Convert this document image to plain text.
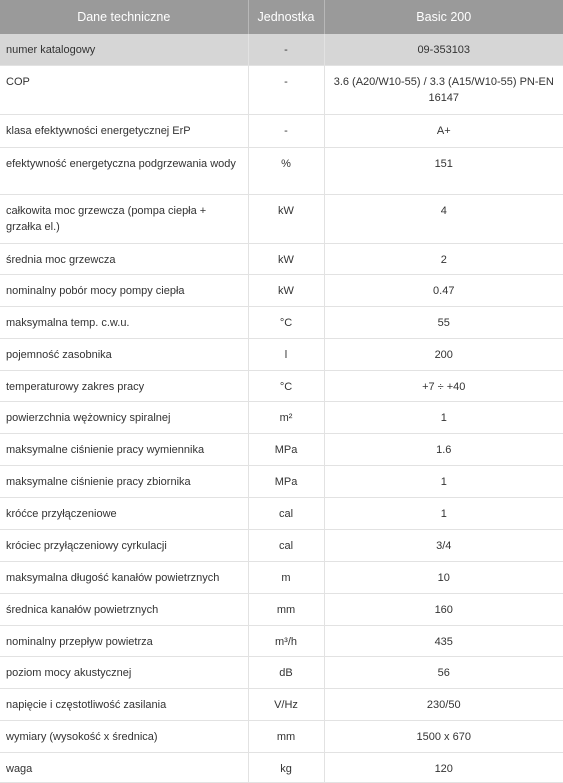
Dane techniczne	Jednostka	Basic 200

numer katalogowy	-	09-353103

COP	-	3.6 (A20/W10-55) / 3.3 (A15/W10-55) PN-EN 16147

klasa efektywności energetycznej ErP	-	A+

efektywność energetyczna podgrzewania wody	%	151

całkowita moc grzewcza (pompa ciepła + grzałka el.)	kW	4

średnia moc grzewcza	kW	2

nominalny pobór mocy pompy ciepła	kW	0.47

maksymalna temp. c.w.u.	°C	55

pojemność zasobnika	l	200

temperaturowy zakres pracy	°C	+7 ÷ +40

powierzchnia wężownicy spiralnej	m²	1

maksymalne ciśnienie pracy wymiennika	MPa	1.6

maksymalne ciśnienie pracy zbiornika	MPa	1

króćce przyłączeniowe	cal	1

króciec przyłączeniowy cyrkulacji	cal	3/4

maksymalna długość kanałów powietrznych	m	10

średnica kanałów powietrznych	mm	160

nominalny przepływ powietrza	m³/h	435

poziom mocy akustycznej	dB	56

napięcie i częstotliwość zasilania	V/Hz	230/50

wymiary (wysokość x średnica)	mm	1500 x 670

waga	kg	120
